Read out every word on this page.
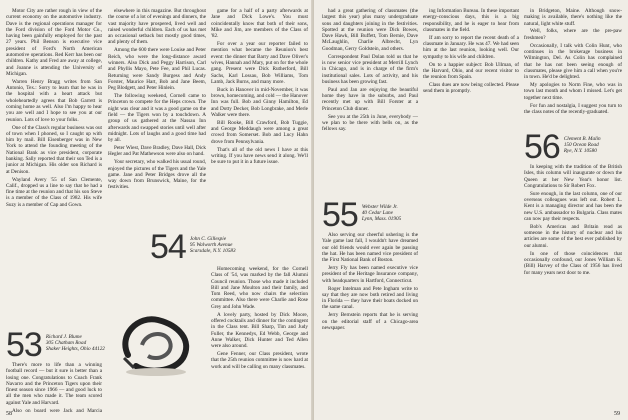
Motor City are rather rough in view of the current economy on the automotive industry. Dave is the regional operations manager for the Ford division of the Ford Motor Co., having been gainfully employed for the past 27 years. Phil Benson is executive vice president of Ford's North American automotive operations. Red Kerr has been our children. Kathy and Fred are away at college, and Joanne is attending the University of Michigan.

Warren Henry Bragg writes from San Antonio, Tex.: Sorry to learn that he was in the hospital with a heart attack but wholeheartedly agrees that Bob Garrett is coming home as well. Also I'm happy to hear you are well and I hope to see you at our reunion. Lots of love to your folks.

One of the Class's regular business was out of town when I phoned, so I caught up with him by mail. Bill Eisenberger was in New York to attend the founding meeting of the National Bank as vice president, corporate banking. Sally reported that their son Ted is a junior at Michigan. His older son Richard is at Denison.

Wayland Avery '55 of San Clemente, Calif., dropped us a line to say that he had a fine time at the reunion and that his son Steve is a member of the Class of 1982. His wife Suzy is a member of Cap and Gown.

53 Richard J. Blume
305 Chatham Road
Shaker Heights, Ohio 44122

There's more to life than a winning football record — but it sure is better than a losing one. Congratulations to Coach Frank Navarro and the Princeton Tigers upon their finest season since 1966 — and good luck to all the men who made it. The team scored against Yale and Harvard.

Also on board were Jack and Marcia

elsewhere in this magazine. But throughout the course of a lot of evenings and dinners, the vast majority have prospered, lived well and raised wonderful children. Each of us has met an occasional setback but mostly good times, and plenty of them.

Among the 600 there were Louise and Peter Reich, who were the long-distance award winners. Also Dick and Peggy Harrison, Carl and Phyllis Mayo, Pete Fee, and Phil Lucas. Returning were Sandy Burgess and Andy Forster, Maurice Hart, Bob and Jane Beem, Peg Blodgett, and Peter Hinlein.

The following weekend, Cornell came to Princeton to compete for the Heps crown. The night was clear and it was a good game on the field — the Tigers won by a touchdown. A group of us gathered at the Nassau Inn afterwards and swapped stories until well after midnight. Lots of laughs and a good time had by all.

Peter Wiest, Dave Bradley, Dave Hall, Dick Hegler and Pat Mathewson were also on hand.

Your secretary, who walked his usual round, enjoyed the pictures of the Tigers and the Yale game. Jane and Peter Bridges drove all the way down from Brunswick, Maine, for the festivities.

game for a half of a party afterwards at Jane and Dick Lowe's. You must coincidentally know that both of their sons, Mike and Jim, are members of the Class of '82.

For over a year our reporter failed to mention what became the Reunion's best event: the dinner that Barry and Dave Oliver's wives, Hannah and Mary, put on for the whole gang. Present were Dick Rutherford, Bill Sachs, Karl Lossau, Bob Williams, Tom Lamb, Jack Burns, and many more.

Buck in Hanover in mid-November, it was brown, homecoming, and cold — the Hanover Inn was full. Bob and Ginny Hamilton, Ed and Dotty Decker, Bob Longbrake, and Merle Walker were there.

Bill Rooke, Bill Crawford, Bob Tuggie, and George Meddaugh were among a great crowd from Somerset. Bob and Lucy Hahn drove from Pennsylvania.

That's all of the old news I have at this writing. If you have news send it along. We'll be sure to put it in a future issue.

54 John C. Gillespie
95 Walworth Avenue
Scarsdale, N.Y. 10583

Homecoming weekend, for the Cornell Class of '54, was marked by the fall Alumni Council reunion. Those who made it included Bill and Jane Moulton and their family, and Tom Reed, who now chairs the selection committee. Also there were Charlie and Rose Grey and John Wade.

A lovely party, hosted by Dick Moore, offered cocktails and dinner for the contingent in the Class tent. Bill Sharp, Tim and Judy Fuller, the Kennedys, Ed Webb, George and Anne Walker, Dick Hunter and Ted Allen were also around.

Gene Fenner, our Class president, wrote that the 25th reunion committee is now hard at work and will be calling on many classmates.

58

had a great gathering of classmates (the largest this year) plus many undergraduate sons and daughters joining in the festivities. Spotted at the reunion were Dick Bowes, Dave Hawk, Bill Buffett, Tom Bernie, Dave McLaughlin, Charlie Albrecht, Lyn Goodman, Gerry Goldstein, and others.

Correspondent Paul Dolan told us that he is now senior vice president at Merrill Lynch in Chicago, and is in charge of the firm's institutional sales. Lots of activity, and his business has been growing fast.

Paul and Jan are enjoying the beautiful home they have in the suburbs, and Paul recently met up with Bill Forster at a Princeton Club dinner.

See you at the 25th in June, everybody — we plan to be there with bells on, as the fellows say.

55 Webster Wilde Jr.
40 Cedar Lane
Lynn, Mass. 01905

Also serving our cheerful ushering is the Yale game last fall, I wouldn't have dreamed our old friends would ever again be passing the hat. He has been named vice president of the First National Bank of Boston.

Jerry Fly has been named executive vice president of the Heritage Insurance company, with headquarters in Hartford, Connecticut.

Roger Intelman and Pete Ingham write to say that they are now both retired and living in Florida — they have their boats docked on the same canal.

Jerry Bernstein reports that he is serving on the editorial staff of a Chicago-area newspaper.

ing Information Bureau. In these important energy-conscious days, this is a big responsibility, and he is eager to hear from classmates in the field.

If am sorry to report the recent death of a classmate in January. He was 47. We had seen him at the last reunion, looking well. Our sympathy to his wife and children.

On to a happier subject: Bob Ullman, of the Harvard, Ohio, and our recent visitor to the reunion from Spain.

Class dues are now being collected. Please send them in promptly.

in Bridgeton, Maine. Although snow-making is available, there's nothing like the natural, light white stuff.

Well, folks, where are the pre-paw freshmen?

Occasionally, I talk with Colin Hunt, who continues in the brokerage business in Wilmington, Del. As Colin has complained that he has not been seeing enough of classmates, please give him a call when you're in town. He'd be delighted.

My apologies to Norm Fine, who was in town last month and whom I missed. Let's get together next time.

For fun and nostalgia, I suggest you turn to the class notes of the recently-graduated.

56 Clement B. Malin
150 Ocean Road
Rye, N.Y. 10580

In keeping with the tradition of the British Isles, this column will inaugurate or down the Queen at her New Year's honor list. Congratulations to Sir Robert Fox.

Sure enough, in the last column, one of our overseas colleagues was left out. Robert L. Kent is a managing director and has been the new U.S. ambassador to Bulgaria. Class mates can now pay their respects.

Bob's Americas and Britain read as someone in the history of nuclear and his articles are some of the best ever published by our alumni.

In one of those coincidences that occasionally confound, our Jones William K. (Bill) Harvey of the Class of 1956 has lived for many years next door to me.

59
